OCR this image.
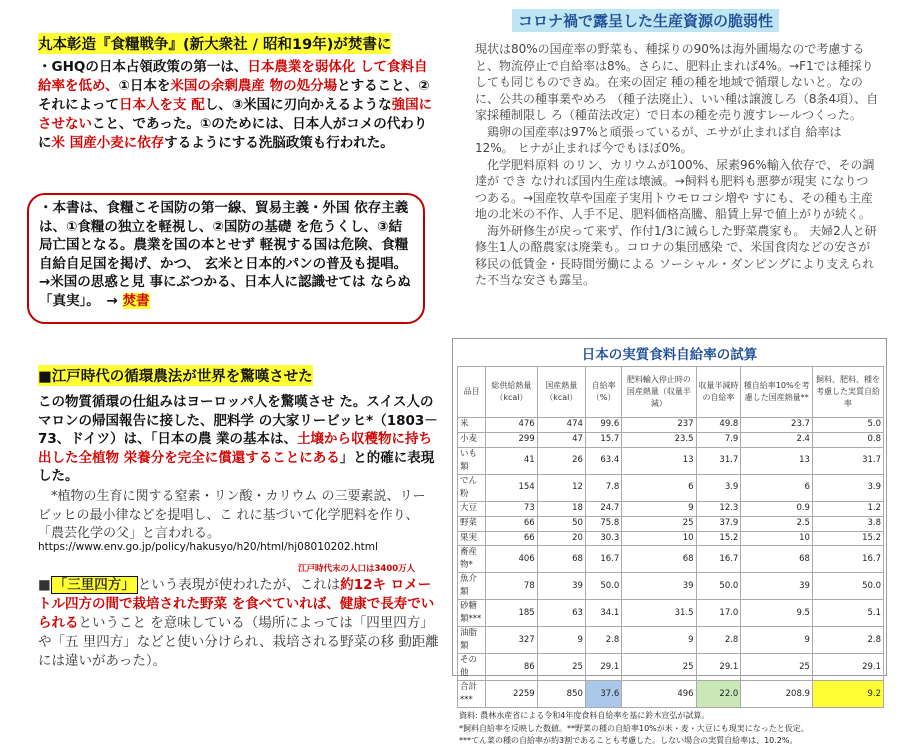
丸本彰造『食糧戦争』(新大衆社 / 昭和19年)が焚書に
・GHQの日本占領政策の第一は、日本農業を弱体化 して食料自給率を低め、①日本を米国の余剰農産 物の処分場とすること、②それによって日本人を支 配し、③米国に刃向かえるような強国にさせないこと、であった。①のためには、日本人がコメの代わりに米 国産小麦に依存するようにする洗脳政策も行われた。
・本書は、食糧こそ国防の第一線、貿易主義・外国 依存主義は、①食糧の独立を軽視し、②国防の基礎 を危うくし、③結局亡国となる。農業を国の本とせず 軽視する国は危険、食糧自給自足国を掲げ、かつ、 玄米と日本的パンの普及も提唱。　→米国の思惑と見 事にぶつかる、日本人に認識せては ならぬ「真実」。　→ 焚書
■江戸時代の循環農法が世界を驚嘆させた
この物質循環の仕組みはヨーロッパ人を驚嘆させ た。スイス人のマロンの帰国報告に接した、肥料学 の大家リービッヒ*（1803－73、ドイツ）は、「日本の農 業の基本は、土壌から収穫物に持ち出した全植物 栄養分を完全に償還することにある」と的確に表現 した。
　*植物の生育に関する窒素・リン酸・カリウム の三要素説、リービッヒの最小律などを提唱し、こ れに基づいて化学肥料を作り、「農芸化学の父」と言われる。
https://www.env.go.jp/policy/hakusyo/h20/html/hj08010202.html
江戸時代末の人口は3400万人
■ 「三里四方」 という表現が使われたが、これは約12キ ロメートル四方の間で栽培された野菜 を食べていれば、健康で長寿でいられるということ を意味している（場所によっては「四里四方」や「五 里四方」などと使い分けられ、栽培される野菜の移 動距離には違いがあった）。
コロナ禍で露呈した生産資源の脆弱性

現状は80%の国産率の野菜も、種採りの90%は海外圃場なので考慮すると、物流停止で自給率は8%。さらに、肥料止まれば4%。→F1では種採りしても同じものできぬ。在来の固定 種の種を地域で循環しないと。なのに、公共の種事業やめろ （種子法廃止）、いい種は譲渡しろ（8条4項）、自家採種制限し ろ（種苗法改定）で日本の種を売り渡すレールつくった。

　鶏卵の国産率は97%と頑張っているが、エサが止まれば自 給率は12%。 ヒナが止まれば今でもほぼ0%。

　化学肥料原料 のリン、カリウムが100%、尿素96%輸入依存で、その調達が でき なければ国内生産は壊滅。→飼料も肥料も悪夢が現実 になりつつある。→国産牧草や国産子実用トウモロコシ増や すにも、その種も主産地の北米の不作、人手不足、肥料価格高騰、船賃上昇で値上がりが続く。

　海外研修生が戻って来ず、作付1/3に減らした野菜農家も。 夫婦2人と研修生1人の酪農家は廃業も。コロナの集団感染 で、米国食肉などの安さが移民の低賃金・長時間労働による ソーシャル・ダンピングにより支えられた不当な安さも露呈。

日本の実質食料自給率の試算
品目	総供給熱量（kcal）	国産熱量（kcal）	自給率（%）	肥料輸入停止時の国産熱量（収量半減）	収量半減時の自給率	種自給率10%を考慮した国産熱量**	飼料、肥料、種を考慮した実質自給率
米	476	474	99.6	237	49.8	23.7	5.0
小麦	299	47	15.7	23.5	7.9	2.4	0.8
いも類	41	26	63.4	13	31.7	13	31.7
でん粉	154	12	7.8	6	3.9	6	3.9
大豆	73	18	24.7	9	12.3	0.9	1.2
野菜	66	50	75.8	25	37.9	2.5	3.8
果実	66	20	30.3	10	15.2	10	15.2
畜産物*	406	68	16.7	68	16.7	68	16.7
魚介類	78	39	50.0	39	50.0	39	50.0
砂糖類***	185	63	34.1	31.5	17.0	9.5	5.1
油脂類	327	9	2.8	9	2.8	9	2.8
その他	86	25	29.1	25	29.1	25	29.1
合計***	2259	850	37.6	496	22.0	208.9	9.2
資料: 農林水産省による令和4年度食料自給率を基に鈴木宣弘が試算。
*飼料自給率を反映した数値。**野菜の種の自給率10%が米・麦・大豆にも現実になったと仮定。
***てん菜の種の自給率が約3割であることも考慮した。しない場合の実質自給率は、10.2%。
